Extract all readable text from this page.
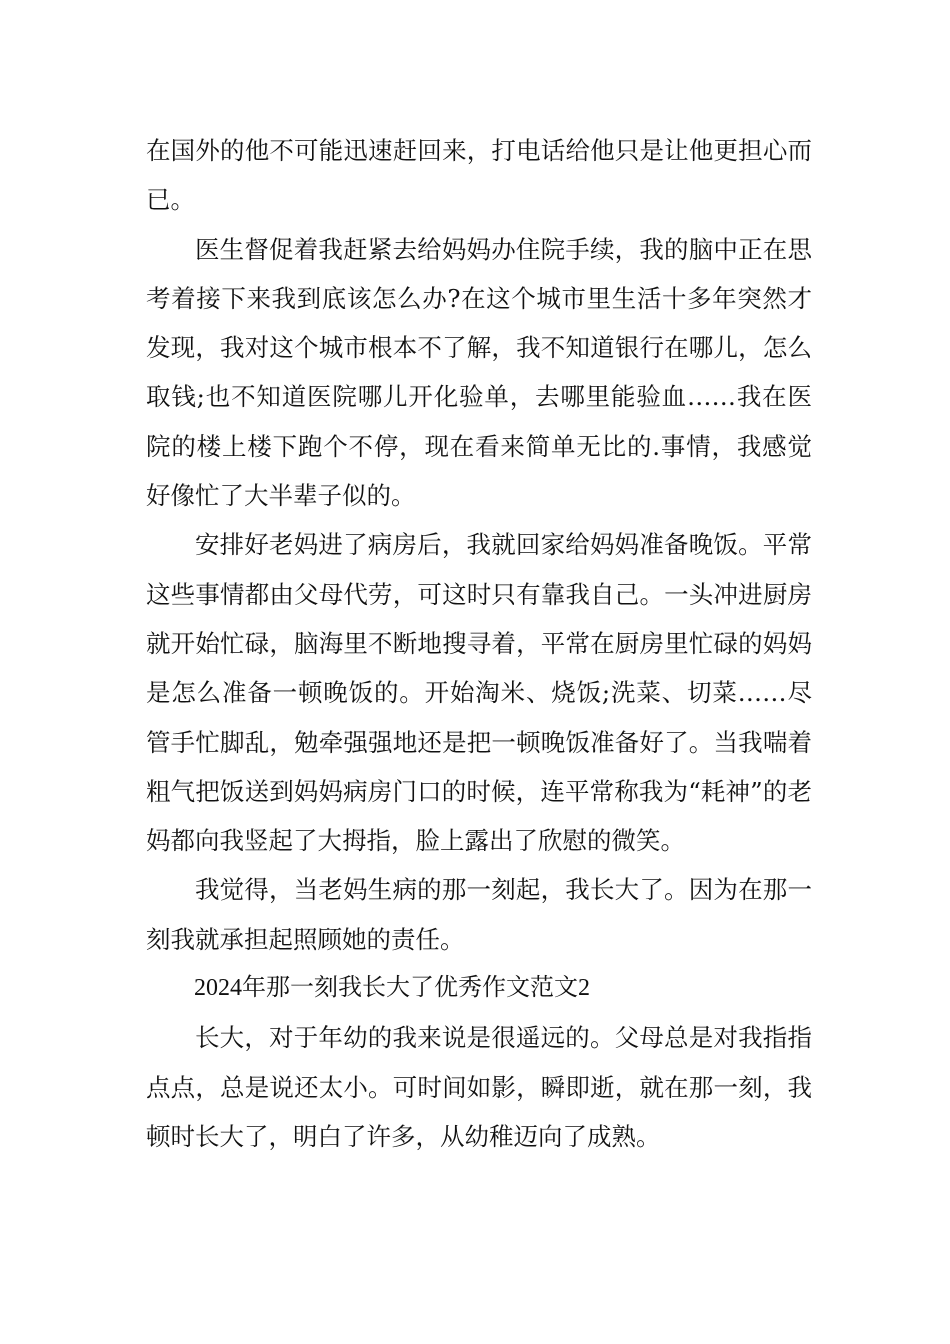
在国外的他不可能迅速赶回来，打电话给他只是让他更担心而已。

医生督促着我赶紧去给妈妈办住院手续，我的脑中正在思考着接下来我到底该怎么办?在这个城市里生活十多年突然才发现，我对这个城市根本不了解，我不知道银行在哪儿，怎么取钱;也不知道医院哪儿开化验单，去哪里能验血……我在医院的楼上楼下跑个不停，现在看来简单无比的.事情，我感觉好像忙了大半辈子似的。

安排好老妈进了病房后，我就回家给妈妈准备晚饭。平常这些事情都由父母代劳，可这时只有靠我自己。一头冲进厨房就开始忙碌，脑海里不断地搜寻着，平常在厨房里忙碌的妈妈是怎么准备一顿晚饭的。开始淘米、烧饭;洗菜、切菜……尽管手忙脚乱，勉牵强强地还是把一顿晚饭准备好了。当我喘着粗气把饭送到妈妈病房门口的时候，连平常称我为“耗神”的老妈都向我竖起了大拇指，脸上露出了欣慰的微笑。

我觉得，当老妈生病的那一刻起，我长大了。因为在那一刻我就承担起照顾她的责任。

2024年那一刻我长大了优秀作文范文2

长大，对于年幼的我来说是很遥远的。父母总是对我指指点点，总是说还太小。可时间如影，瞬即逝，就在那一刻，我顿时长大了，明白了许多，从幼稚迈向了成熟。
